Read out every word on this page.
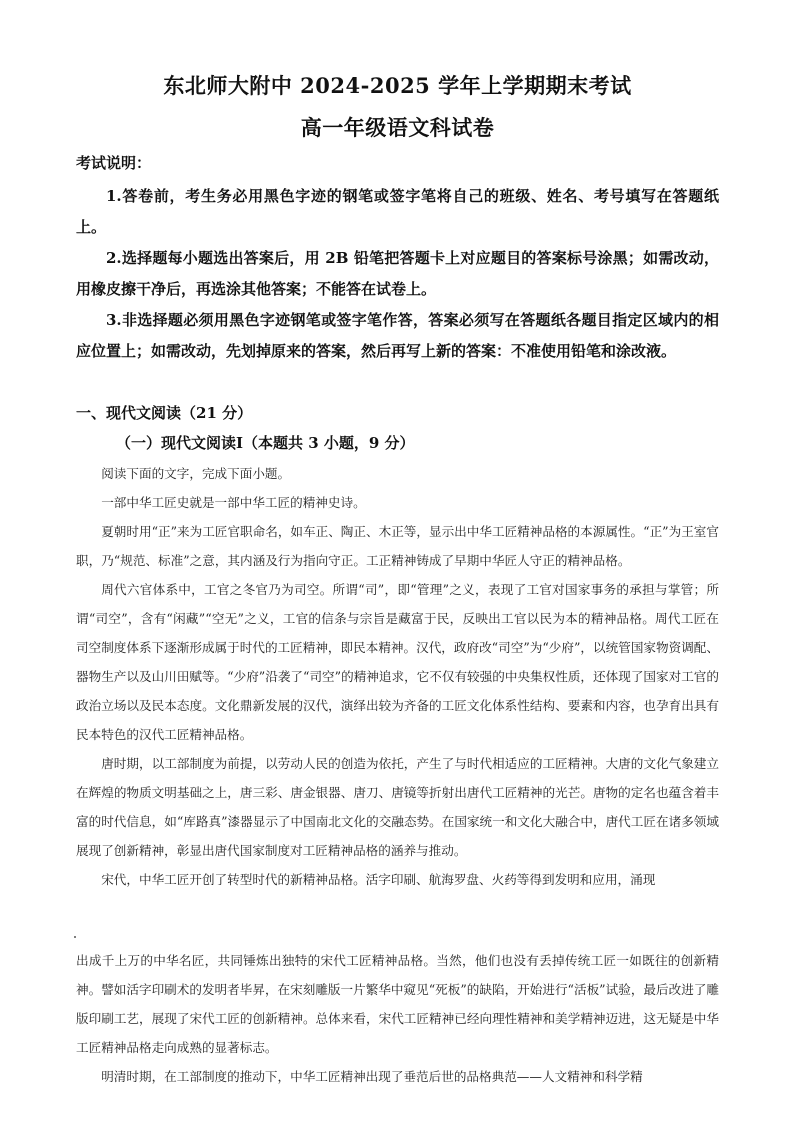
东北师大附中 2024-2025 学年上学期期末考试
高一年级语文科试卷
考试说明：

1.答卷前，考生务必用黑色字迹的钢笔或签字笔将自己的班级、姓名、考号填写在答题纸上。

2.选择题每小题选出答案后，用 2B 铅笔把答题卡上对应题目的答案标号涂黑；如需改动，用橡皮擦干净后，再选涂其他答案；不能答在试卷上。

3.非选择题必须用黑色字迹钢笔或签字笔作答，答案必须写在答题纸各题目指定区域内的相应位置上；如需改动，先划掉原来的答案，然后再写上新的答案：不准使用铅笔和涂改液。

一、现代文阅读（21 分）
（一）现代文阅读Ⅰ（本题共 3 小题，9 分）

阅读下面的文字，完成下面小题。

一部中华工匠史就是一部中华工匠的精神史诗。

夏朝时用“正”来为工匠官职命名，如车正、陶正、木正等，显示出中华工匠精神品格的本源属性。“正”为王室官职，乃“规范、标准”之意，其内涵及行为指向守正。工正精神铸成了早期中华匠人守正的精神品格。

周代六官体系中，工官之冬官乃为司空。所谓“司”，即“管理”之义，表现了工官对国家事务的承担与掌管；所谓“司空”，含有“闲藏”“空无”之义，工官的信条与宗旨是藏富于民，反映出工官以民为本的精神品格。周代工匠在司空制度体系下逐渐形成属于时代的工匠精神，即民本精神。汉代，政府改“司空”为“少府”，以统管国家物资调配、器物生产以及山川田赋等。“少府”沿袭了“司空”的精神追求，它不仅有较强的中央集权性质，还体现了国家对工官的政治立场以及民本态度。文化鼎新发展的汉代，演绎出较为齐备的工匠文化体系性结构、要素和内容，也孕育出具有民本特色的汉代工匠精神品格。

唐时期，以工部制度为前提，以劳动人民的创造为依托，产生了与时代相适应的工匠精神。大唐的文化气象建立在辉煌的物质文明基础之上，唐三彩、唐金银器、唐刀、唐镜等折射出唐代工匠精神的光芒。唐物的定名也蕴含着丰富的时代信息，如“库路真”漆器显示了中国南北文化的交融态势。在国家统一和文化大融合中，唐代工匠在诸多领域展现了创新精神，彰显出唐代国家制度对工匠精神品格的涵养与推动。

宋代，中华工匠开创了转型时代的新精神品格。活字印刷、航海罗盘、火药等得到发明和应用，涌现

出成千上万的中华名匠，共同锤炼出独特的宋代工匠精神品格。当然，他们也没有丢掉传统工匠一如既往的创新精神。譬如活字印刷术的发明者毕昇，在宋刻雕版一片繁华中窥见“死板”的缺陷，开始进行“活板”试验，最后改进了雕版印刷工艺，展现了宋代工匠的创新精神。总体来看，宋代工匠精神已经向理性精神和美学精神迈进，这无疑是中华工匠精神品格走向成熟的显著标志。

明清时期，在工部制度的推动下，中华工匠精神出现了垂范后世的品格典范——人文精神和科学精
